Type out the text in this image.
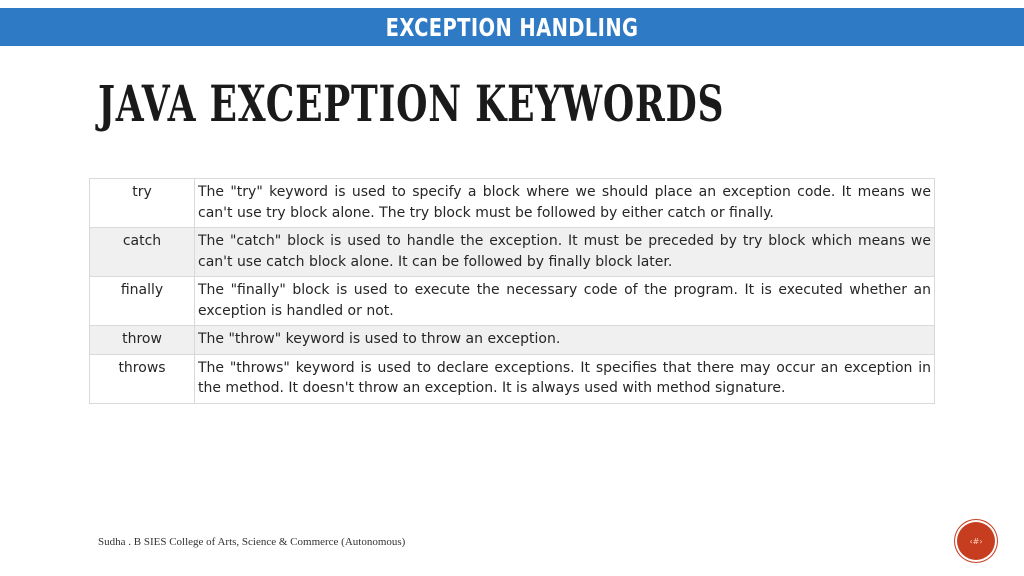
EXCEPTION HANDLING
JAVA EXCEPTION KEYWORDS
try	The "try" keyword is used to specify a block where we should place an exception code. It means we can't use try block alone. The try block must be followed by either catch or finally.
catch	The "catch" block is used to handle the exception. It must be preceded by try block which means we can't use catch block alone. It can be followed by finally block later.
finally	The "finally" block is used to execute the necessary code of the program. It is executed whether an exception is handled or not.
throw	The "throw" keyword is used to throw an exception.
throws	The "throws" keyword is used to declare exceptions. It specifies that there may occur an exception in the method. It doesn't throw an exception. It is always used with method signature.
Sudha . B SIES College of Arts, Science & Commerce (Autonomous)	‹#›
